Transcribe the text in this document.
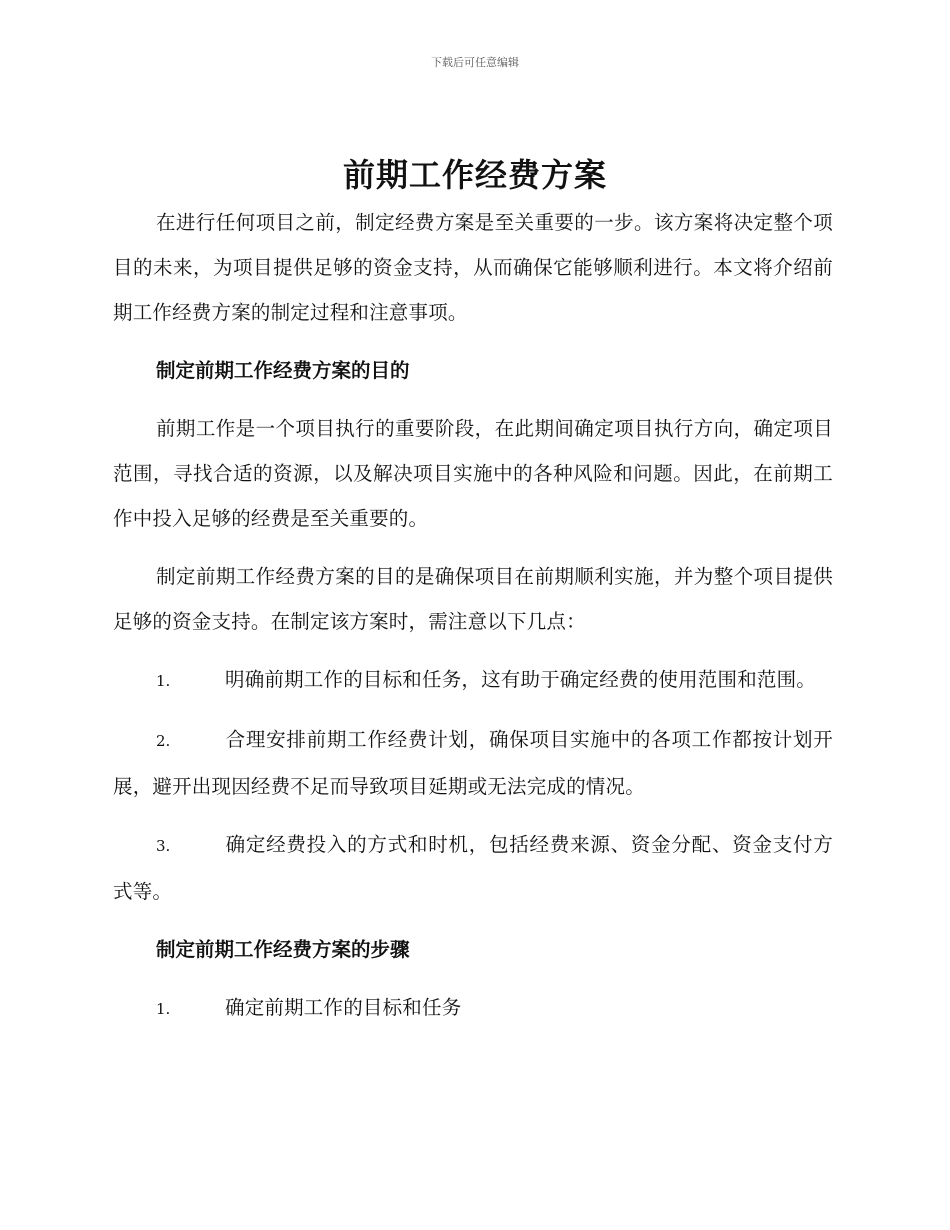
下载后可任意编辑
前期工作经费方案

在进行任何项目之前，制定经费方案是至关重要的一步。该方案将决定整个项目的未来，为项目提供足够的资金支持，从而确保它能够顺利进行。本文将介绍前期工作经费方案的制定过程和注意事项。

制定前期工作经费方案的目的

前期工作是一个项目执行的重要阶段，在此期间确定项目执行方向，确定项目范围，寻找合适的资源，以及解决项目实施中的各种风险和问题。因此，在前期工作中投入足够的经费是至关重要的。

制定前期工作经费方案的目的是确保项目在前期顺利实施，并为整个项目提供足够的资金支持。在制定该方案时，需注意以下几点：

1.	明确前期工作的目标和任务，这有助于确定经费的使用范围和范围。

2.	合理安排前期工作经费计划，确保项目实施中的各项工作都按计划开展，避开出现因经费不足而导致项目延期或无法完成的情况。

3.	确定经费投入的方式和时机，包括经费来源、资金分配、资金支付方式等。

制定前期工作经费方案的步骤

1.	确定前期工作的目标和任务
